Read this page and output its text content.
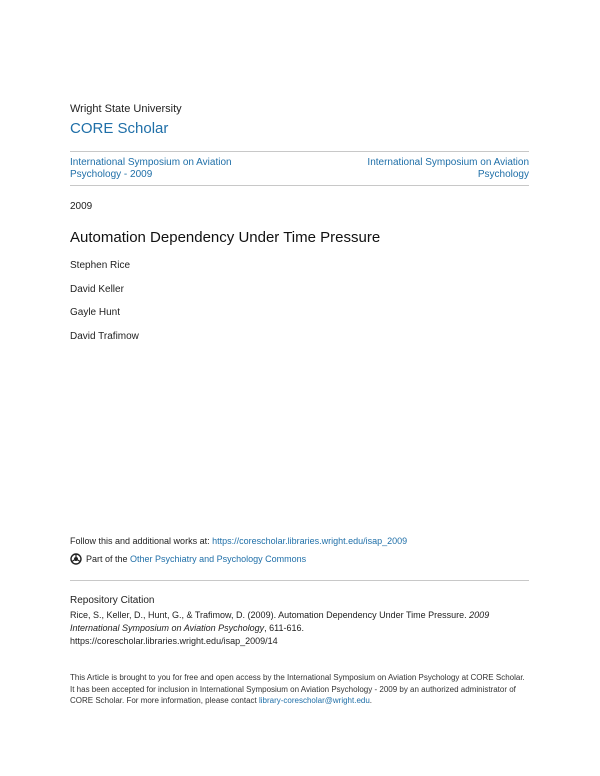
Wright State University
CORE Scholar
International Symposium on Aviation Psychology - 2009
International Symposium on Aviation Psychology
2009
Automation Dependency Under Time Pressure
Stephen Rice
David Keller
Gayle Hunt
David Trafimow
Follow this and additional works at: https://corescholar.libraries.wright.edu/isap_2009
Part of the
Other Psychiatry and Psychology Commons
Repository Citation
Rice, S., Keller, D., Hunt, G., & Trafimow, D. (2009). Automation Dependency Under Time Pressure. 2009 International Symposium on Aviation Psychology, 611-616.
https://corescholar.libraries.wright.edu/isap_2009/14
This Article is brought to you for free and open access by the International Symposium on Aviation Psychology at CORE Scholar. It has been accepted for inclusion in International Symposium on Aviation Psychology - 2009 by an authorized administrator of CORE Scholar. For more information, please contact library-corescholar@wright.edu.
